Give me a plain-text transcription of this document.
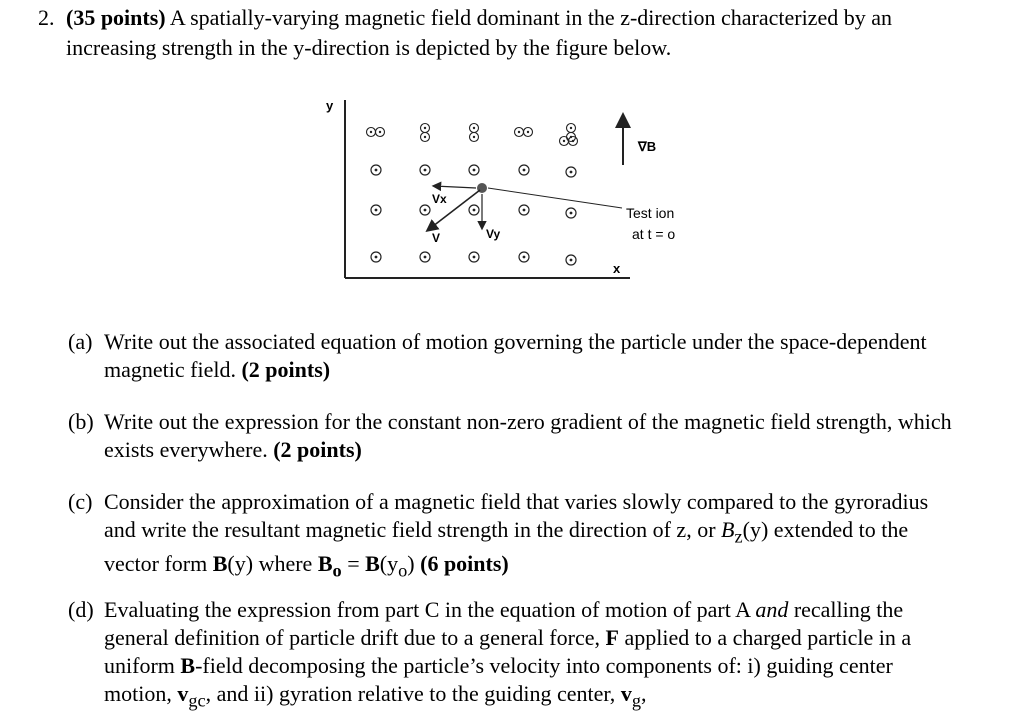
2. (35 points) A spatially-varying magnetic field dominant in the z-direction characterized by an increasing strength in the y-direction is depicted by the figure below.
y
x
∇B
Vx
Vy
V
Test ion
at t = o
(a) Write out the associated equation of motion governing the particle under the space-dependent magnetic field. (2 points)
(b) Write out the expression for the constant non-zero gradient of the magnetic field strength, which exists everywhere. (2 points)
(c) Consider the approximation of a magnetic field that varies slowly compared to the gyroradius and write the resultant magnetic field strength in the direction of z, or $B_z(y)$ extended to the vector form B(y) where $B_o = B(y_o)$ (6 points)
(d) Evaluating the expression from part C in the equation of motion of part A and recalling the general definition of particle drift due to a general force, F applied to a charged particle in a uniform B-field decomposing the particle’s velocity into components of: i) guiding center motion, $v_{gc}$, and ii) gyration relative to the guiding center, $v_g$,
